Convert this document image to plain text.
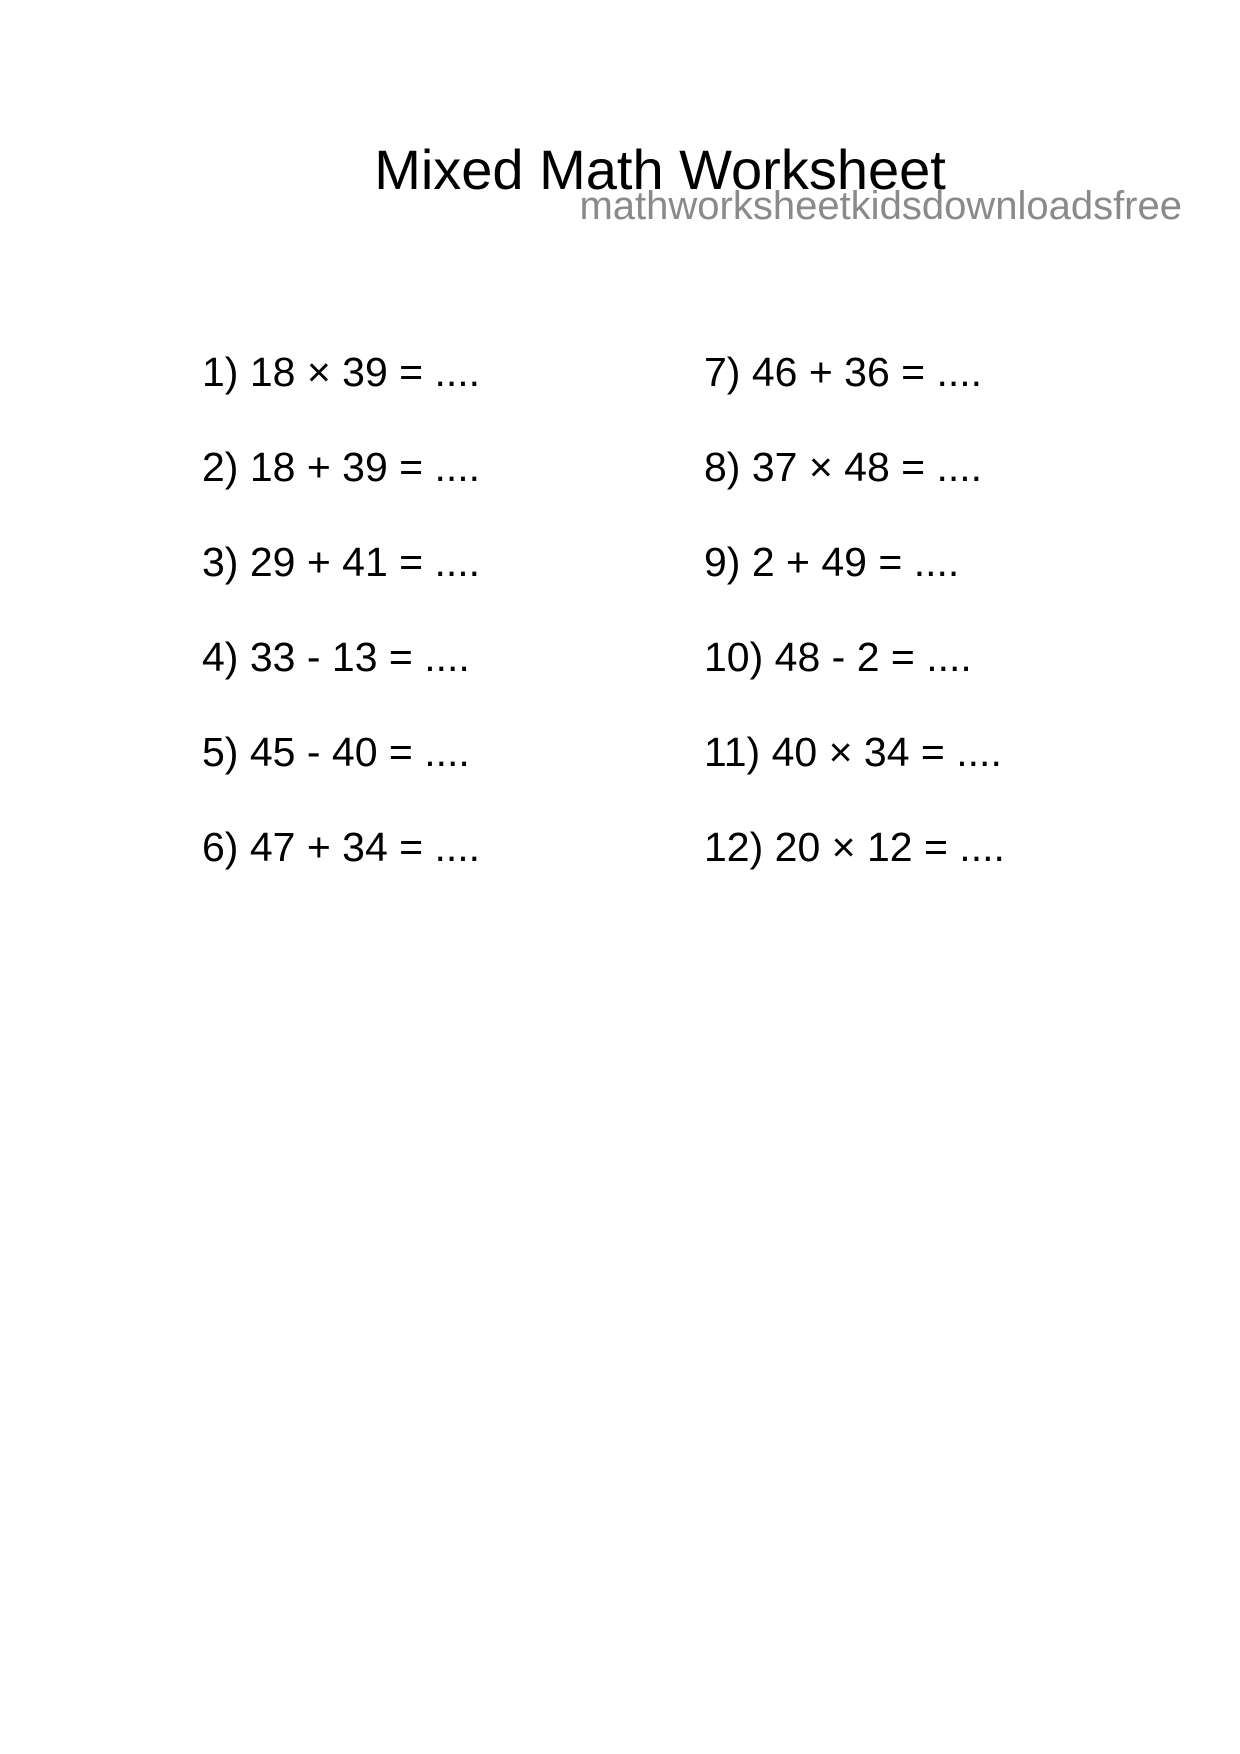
Mixed Math Worksheet
mathworksheetkidsdownloadsfree
1) 18 × 39 = ....
2) 18 + 39 = ....
3) 29 + 41 = ....
4) 33 - 13 = ....
5) 45 - 40 = ....
6) 47 + 34 = ....
7) 46 + 36 = ....
8) 37 × 48 = ....
9) 2 + 49 = ....
10) 48 - 2 = ....
11) 40 × 34 = ....
12) 20 × 12 = ....
